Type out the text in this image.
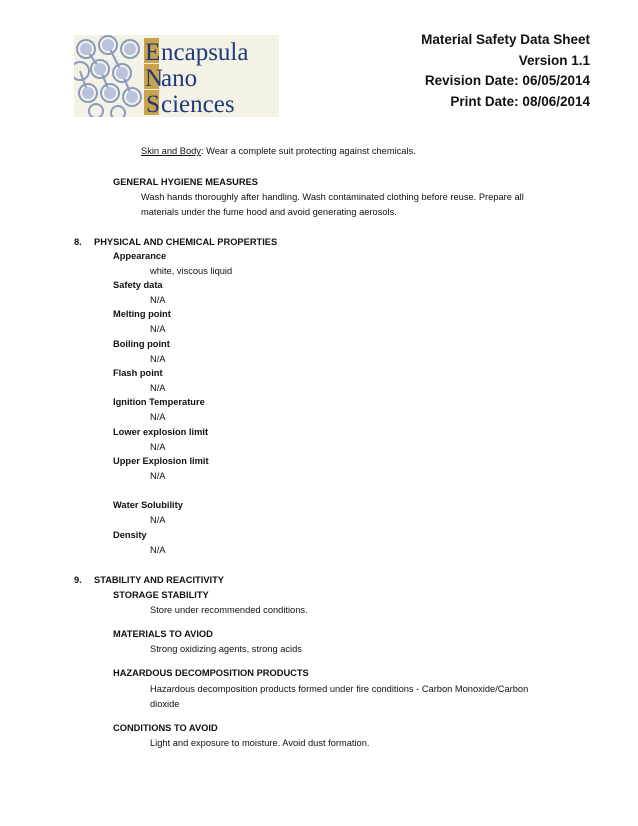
E ncapsula
N
ano
S ciences
Material Safety Data Sheet
Version 1.1
Revision Date: 06/05/2014
Print Date: 08/06/2014
Skin and Body: Wear a complete suit protecting against chemicals.
GENERAL HYGIENE MEASURES
Wash hands thoroughly after handling. Wash contaminated clothing before reuse. Prepare all
materials under the fume hood and avoid generating aerosols.
8. PHYSICAL AND CHEMICAL PROPERTIES
Appearance
white, viscous liquid
Safety data
N/A
Melting point
N/A
Boiling point
N/A
Flash point
N/A
Ignition Temperature
N/A
Lower explosion limit
N/A
Upper Explosion limit
N/A
Water Solubility
N/A
Density
N/A
9. STABILITY AND REACITIVITY
STORAGE STABILITY
Store under recommended conditions.
MATERIALS TO AVIOD
Strong oxidizing agents, strong acids
HAZARDOUS DECOMPOSITION PRODUCTS
Hazardous decomposition products formed under fire conditions - Carbon Monoxide/Carbon
dioxide
CONDITIONS TO AVOID
Light and exposure to moisture. Avoid dust formation.
